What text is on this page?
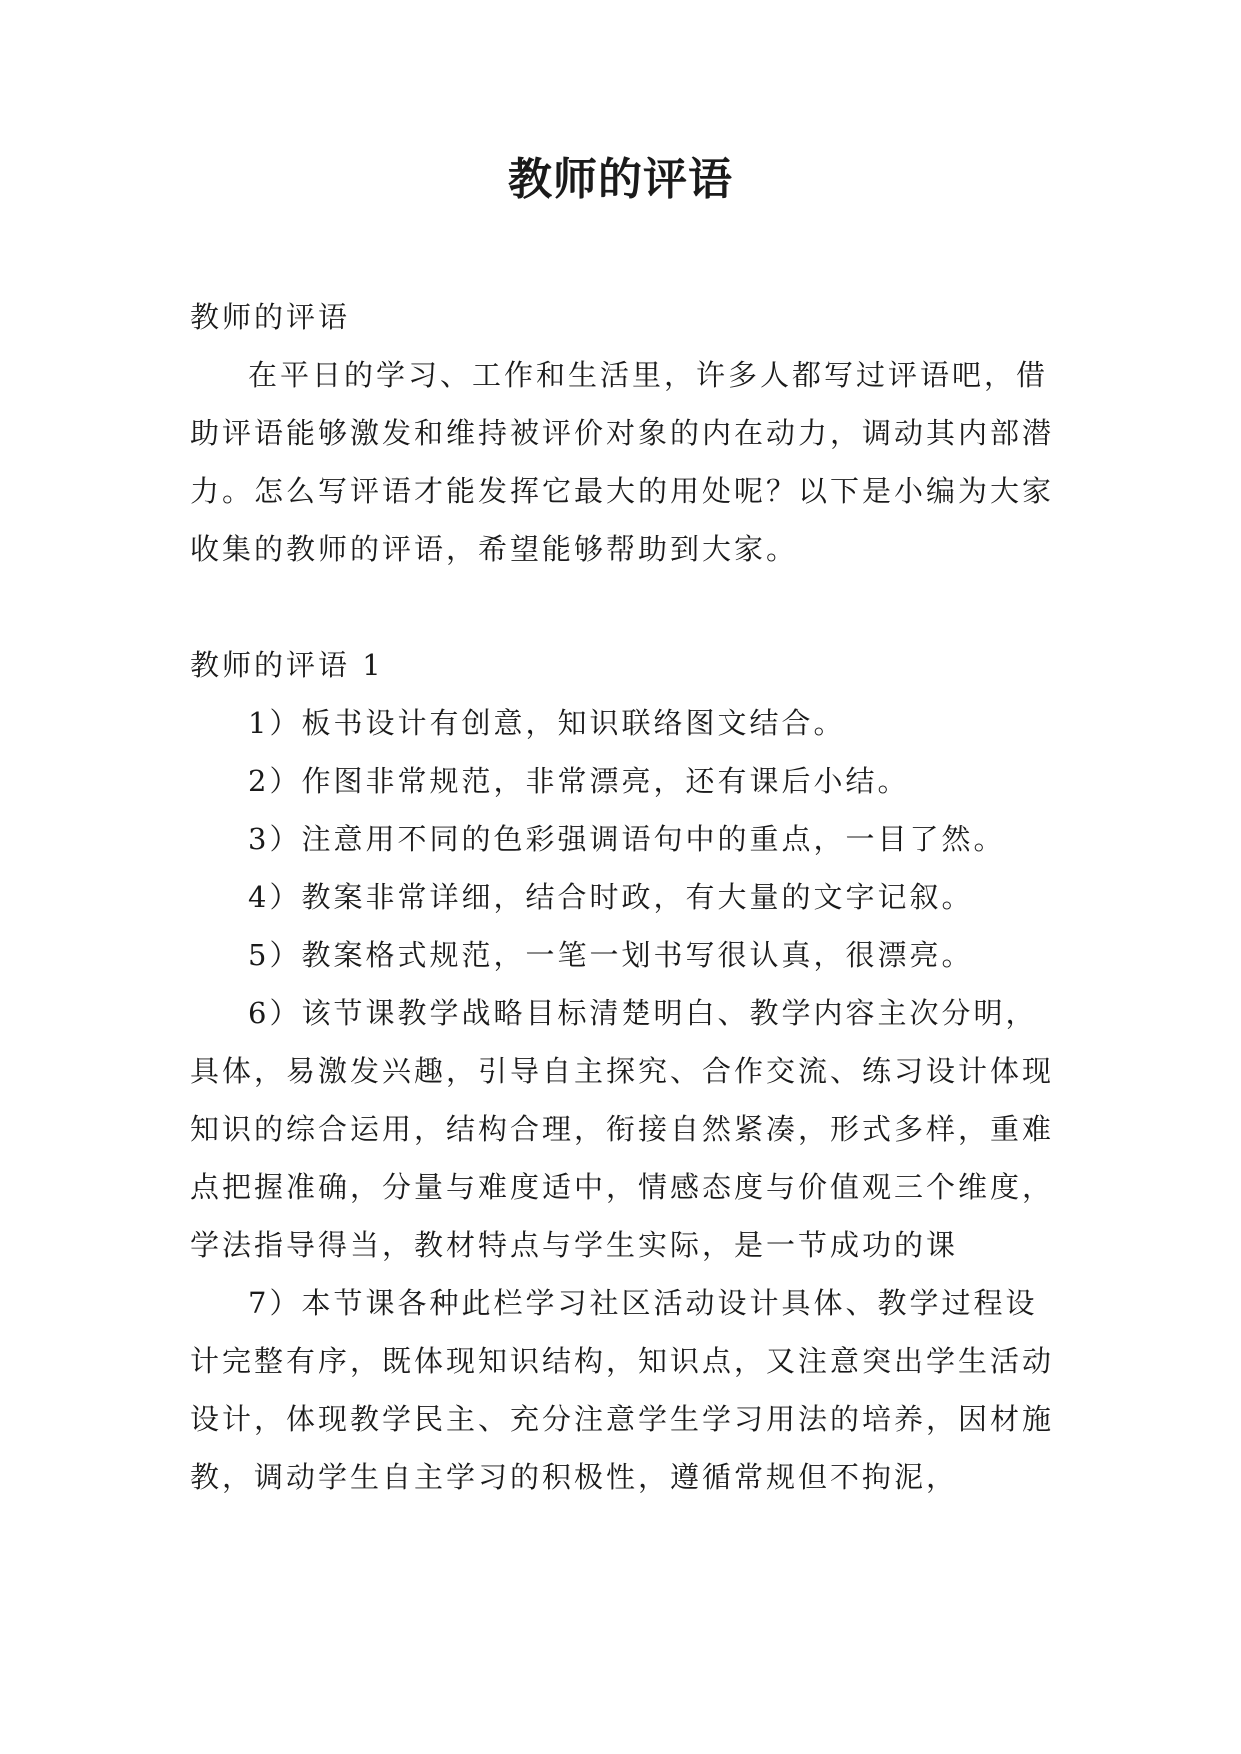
教师的评语

教师的评语

在平日的学习、工作和生活里，许多人都写过评语吧，借助评语能够激发和维持被评价对象的内在动力，调动其内部潜力。怎么写评语才能发挥它最大的用处呢？以下是小编为大家收集的教师的评语，希望能够帮助到大家。

教师的评语 1

1）板书设计有创意，知识联络图文结合。

2）作图非常规范，非常漂亮，还有课后小结。

3）注意用不同的色彩强调语句中的重点，一目了然。

4）教案非常详细，结合时政，有大量的文字记叙。

5）教案格式规范，一笔一划书写很认真，很漂亮。

6）该节课教学战略目标清楚明白、教学内容主次分明，具体，易激发兴趣，引导自主探究、合作交流、练习设计体现知识的综合运用，结构合理，衔接自然紧凑，形式多样，重难点把握准确，分量与难度适中，情感态度与价值观三个维度，学法指导得当，教材特点与学生实际，是一节成功的课

7）本节课各种此栏学习社区活动设计具体、教学过程设计完整有序，既体现知识结构，知识点，又注意突出学生活动设计，体现教学民主、充分注意学生学习用法的培养，因材施教，调动学生自主学习的积极性，遵循常规但不拘泥，
